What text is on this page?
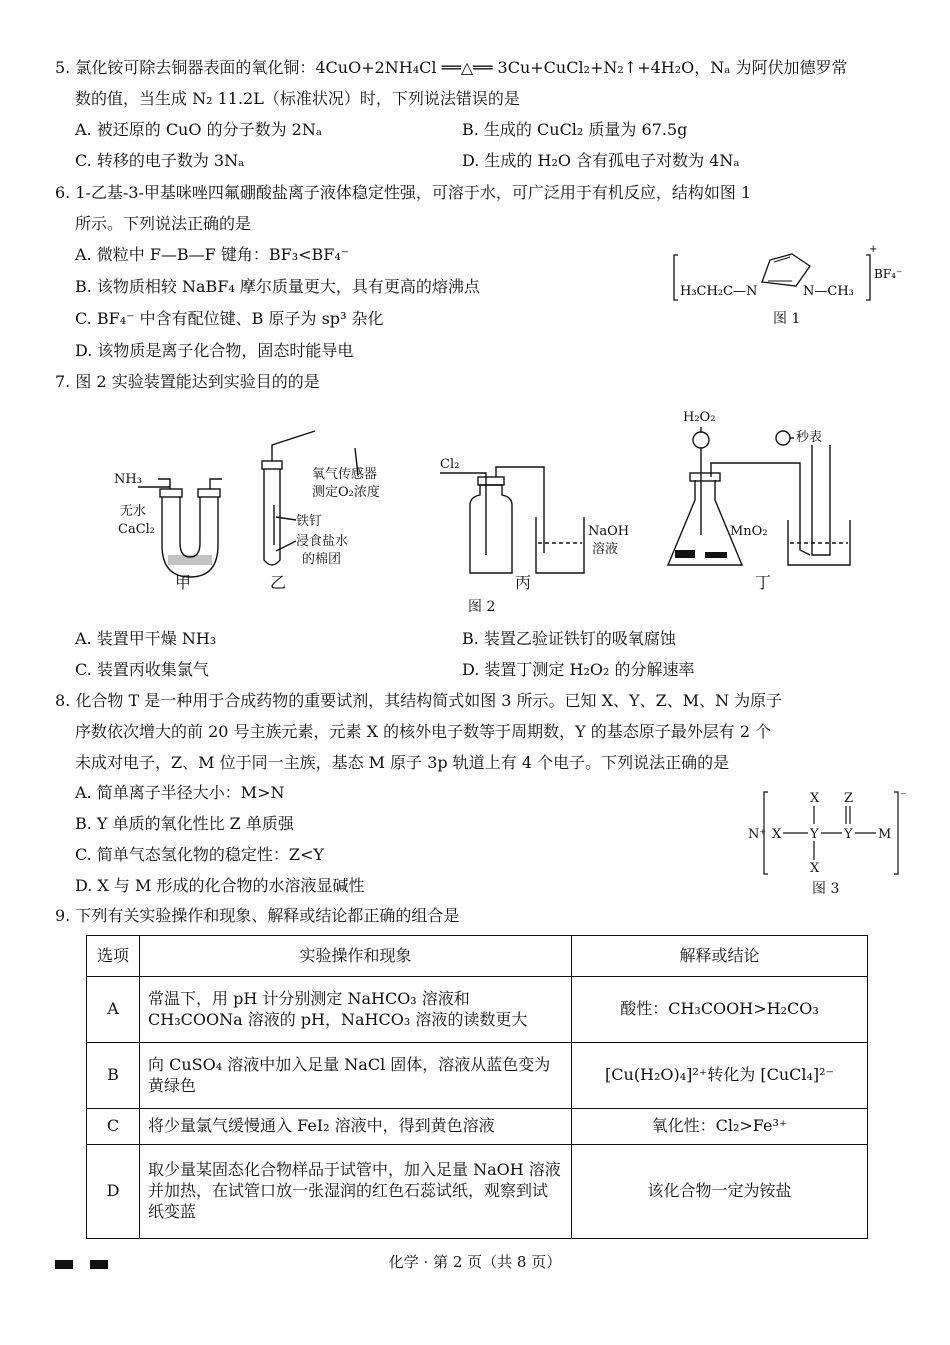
5. 氯化铵可除去铜器表面的氧化铜：4CuO+2NH₄Cl ══△══ 3Cu+CuCl₂+N₂↑+4H₂O，Nₐ 为阿伏加德罗常
数的值，当生成 N₂ 11.2L（标准状况）时，下列说法错误的是
A. 被还原的 CuO 的分子数为 2Nₐ	B. 生成的 CuCl₂ 质量为 67.5g
C. 转移的电子数为 3Nₐ	D. 生成的 H₂O 含有孤电子对数为 4Nₐ
6. 1-乙基-3-甲基咪唑四氟硼酸盐离子液体稳定性强，可溶于水，可广泛用于有机反应，结构如图 1
所示。下列说法正确的是
A. 微粒中 F—B—F 键角：BF₃<BF₄⁻
B. 该物质相较 NaBF₄ 摩尔质量更大，具有更高的熔沸点
C. BF₄⁻ 中含有配位键、B 原子为 sp³ 杂化
D. 该物质是离子化合物，固态时能导电
H₃CH₂C—N	N—CH₃
BF₄⁻
+
图 1
7. 图 2 实验装置能达到实验目的的是
NH₃
无水
CaCl₂
甲
氧气传感器
测定O₂浓度
铁钉
浸食盐水
的棉团
乙
Cl₂
NaOH
溶液
丙
H₂O₂
秒表
MnO₂
丁
图 2
A. 装置甲干燥 NH₃	B. 装置乙验证铁钉的吸氧腐蚀
C. 装置丙收集氯气	D. 装置丁测定 H₂O₂ 的分解速率
8. 化合物 T 是一种用于合成药物的重要试剂，其结构简式如图 3 所示。已知 X、Y、Z、M、N 为原子
序数依次增大的前 20 号主族元素，元素 X 的核外电子数等于周期数，Y 的基态原子最外层有 2 个
未成对电子，Z、M 位于同一主族，基态 M 原子 3p 轨道上有 4 个电子。下列说法正确的是
A. 简单离子半径大小：M>N
B. Y 单质的氧化性比 Z 单质强
C. 简单气态氢化物的稳定性：Z<Y
D. X 与 M 形成的化合物的水溶液显碱性
N⁺ X
X
Y
X
Z
Y M
⁻
图 3
9. 下列有关实验操作和现象、解释或结论都正确的组合是
选项	实验操作和现象	解释或结论
A	常温下，用 pH 计分别测定 NaHCO₃ 溶液和 CH₃COONa 溶液的 pH，NaHCO₃ 溶液的读数更大	酸性：CH₃COOH>H₂CO₃
B	向 CuSO₄ 溶液中加入足量 NaCl 固体，溶液从蓝色变为黄绿色	[Cu(H₂O)₄]²⁺转化为 [CuCl₄]²⁻
C	将少量氯气缓慢通入 FeI₂ 溶液中，得到黄色溶液	氧化性：Cl₂>Fe³⁺
D	取少量某固态化合物样品于试管中，加入足量 NaOH 溶液并加热，在试管口放一张湿润的红色石蕊试纸，观察到试纸变蓝	该化合物一定为铵盐
化学 · 第 2 页（共 8 页）
